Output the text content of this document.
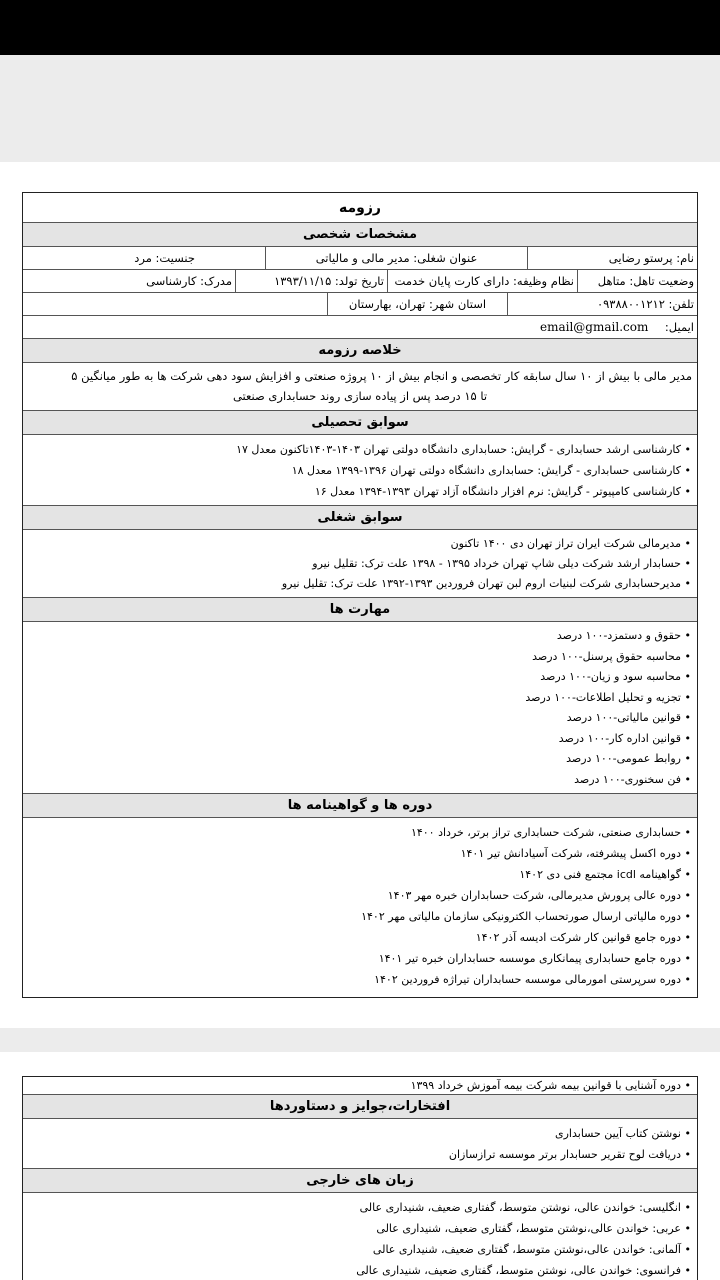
رزومه
مشخصات شخصی
نام: پرستو رضاییعنوان شغلی: مدیر مالی و مالیاتیجنسیت: مرد
وضعیت تاهل: متاهلنظام وظیفه: دارای کارت پایان خدمتتاریخ تولد: ۱۳۹۳/۱۱/۱۵مدرک: کارشناسی
تلفن: ۰۹۳۸۸۰۰۱۲۱۲استان شهر: تهران، بهارستان
ایمیل:email@gmail.com
خلاصه رزومه
مدیر مالی با بیش از ۱۰ سال سابقه کار تخصصی و انجام بیش از ۱۰ پروژه صنعتی و افزایش سود دهی شرکت ها به طور میانگین ۵
تا ۱۵ درصد پس از پیاده سازی روند حسابداری صنعتی
سوابق تحصیلی
• کارشناسی ارشد حسابداری - گرایش: حسابداری دانشگاه دولتی تهران ۱۴۰۳-۱۴۰۳تاکنون معدل ۱۷
• کارشناسی حسابداری - گرایش: حسابداری دانشگاه دولتی تهران ۱۳۹۶-۱۳۹۹ معدل ۱۸
• کارشناسی کامپیوتر - گرایش: نرم افزار دانشگاه آزاد تهران ۱۳۹۳-۱۳۹۴ معدل ۱۶
سوابق شغلی
• مدیرمالی شرکت ایران تراز تهران دی ۱۴۰۰ تاکنون
• حسابدار ارشد شرکت دیلی شاپ تهران خرداد ۱۳۹۵ - ۱۳۹۸ علت ترک: تقلیل نیرو
• مدیرحسابداری شرکت لبنیات اروم لبن تهران فروردین ۱۳۹۳-۱۳۹۲ علت ترک: تقلیل نیرو
مهارت ها
• حقوق و دستمزد-۱۰۰ درصد
• محاسبه حقوق پرسنل-۱۰۰ درصد
• محاسبه سود و زیان-۱۰۰ درصد
• تجزیه و تحلیل اطلاعات-۱۰۰ درصد
• قوانین مالیاتی-۱۰۰ درصد
• قوانین اداره کار-۱۰۰ درصد
• روابط عمومی-۱۰۰ درصد
• فن سخنوری-۱۰۰ درصد
دوره ها و گواهینامه ها
• حسابداری صنعتی، شرکت حسابداری تراز برتر، خرداد ۱۴۰۰
• دوره اکسل پیشرفته، شرکت آسیادانش تیر ۱۴۰۱
• گواهینامه icdl مجتمع فنی دی ۱۴۰۲
• دوره عالی پرورش مدیرمالی، شرکت حسابداران خبره مهر ۱۴۰۳
• دوره مالیاتی ارسال صورتحساب الکترونیکی سازمان مالیاتی مهر ۱۴۰۲
• دوره جامع قوانین کار شرکت ادیسه آذر ۱۴۰۲
• دوره جامع حسابداری پیمانکاری موسسه حسابداران خبره تیر ۱۴۰۱
• دوره سرپرستی امورمالی موسسه حسابداران تیراژه فروردین ۱۴۰۲
• دوره آشنایی با قوانین بیمه شرکت بیمه آموزش خرداد ۱۳۹۹
افتخارات،جوایز و دستاوردها
• نوشتن کتاب آیین حسابداری
• دریافت لوح تقریر حسابدار برتر موسسه ترازسازان
زبان های خارجی
• انگلیسی: خواندن عالی، نوشتن متوسط، گفتاری ضعیف، شنیداری عالی
• عربی: خواندن عالی،نوشتن متوسط، گفتاری ضعیف، شنیداری عالی
• آلمانی: خواندن عالی،نوشتن متوسط، گفتاری ضعیف، شنیداری عالی
• فرانسوی: خواندن عالی، نوشتن متوسط، گفتاری ضعیف، شنیداری عالی
